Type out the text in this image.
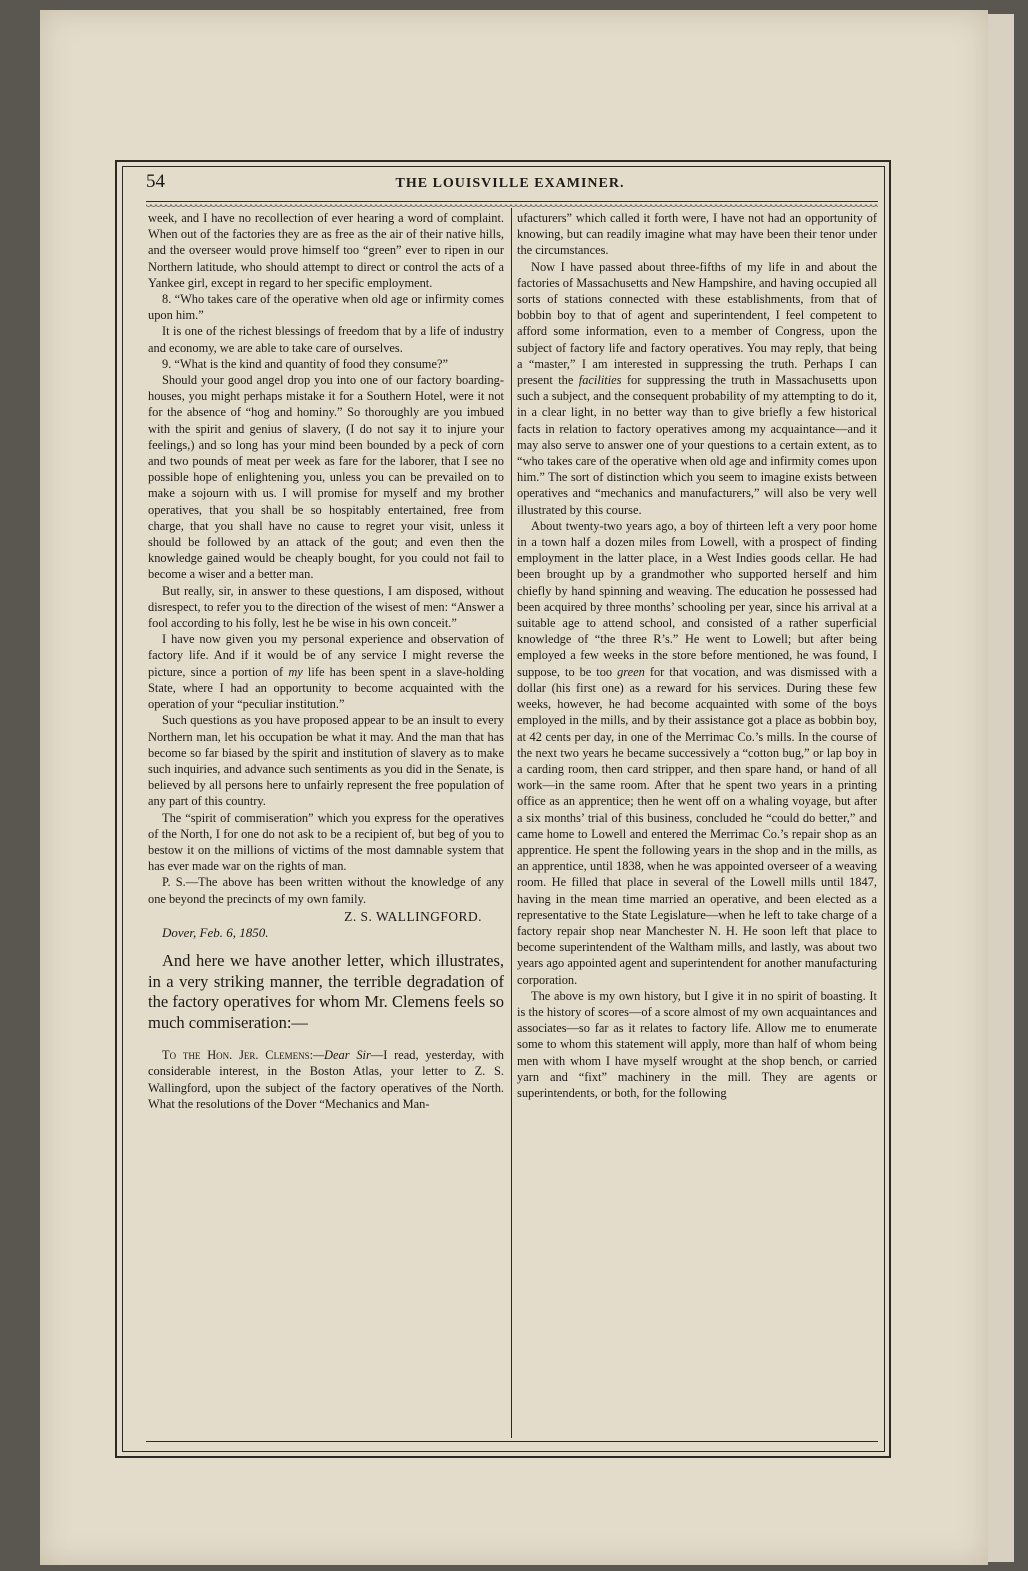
54	THE LOUISVILLE EXAMINER.

week, and I have no recollection of ever hearing a word of complaint. When out of the factories they are as free as the air of their native hills, and the overseer would prove himself too “green” ever to ripen in our Northern latitude, who should attempt to direct or control the acts of a Yankee girl, except in regard to her specific employment.

8. “Who takes care of the operative when old age or infirmity comes upon him.”

It is one of the richest blessings of freedom that by a life of industry and economy, we are able to take care of ourselves.

9. “What is the kind and quantity of food they consume?”

Should your good angel drop you into one of our factory boarding-houses, you might perhaps mistake it for a Southern Hotel, were it not for the absence of “hog and hominy.” So thoroughly are you imbued with the spirit and genius of slavery, (I do not say it to injure your feelings,) and so long has your mind been bounded by a peck of corn and two pounds of meat per week as fare for the laborer, that I see no possible hope of enlightening you, unless you can be prevailed on to make a sojourn with us. I will promise for myself and my brother operatives, that you shall be so hospitably entertained, free from charge, that you shall have no cause to regret your visit, unless it should be followed by an attack of the gout; and even then the knowledge gained would be cheaply bought, for you could not fail to become a wiser and a better man.

But really, sir, in answer to these questions, I am disposed, without disrespect, to refer you to the direction of the wisest of men: “Answer a fool according to his folly, lest he be wise in his own conceit.”

I have now given you my personal experience and observation of factory life. And if it would be of any service I might reverse the picture, since a portion of my life has been spent in a slave-holding State, where I had an opportunity to become acquainted with the operation of your “peculiar institution.”

Such questions as you have proposed appear to be an insult to every Northern man, let his occupation be what it may. And the man that has become so far biased by the spirit and institution of slavery as to make such inquiries, and advance such sentiments as you did in the Senate, is believed by all persons here to unfairly represent the free population of any part of this country.

The “spirit of commiseration” which you express for the operatives of the North, I for one do not ask to be a recipient of, but beg of you to bestow it on the millions of victims of the most damnable system that has ever made war on the rights of man.

P. S.—The above has been written without the knowledge of any one beyond the precincts of my own family.

Z. S. WALLINGFORD.

Dover, Feb. 6, 1850.

And here we have another letter, which illustrates, in a very striking manner, the terrible degradation of the factory operatives for whom Mr. Clemens feels so much commiseration:—

To the Hon. Jer. Clemens:—Dear Sir—I read, yesterday, with considerable interest, in the Boston Atlas, your letter to Z. S. Wallingford, upon the subject of the factory operatives of the North. What the resolutions of the Dover “Mechanics and Man-

ufacturers” which called it forth were, I have not had an opportunity of knowing, but can readily imagine what may have been their tenor under the circumstances.

Now I have passed about three-fifths of my life in and about the factories of Massachusetts and New Hampshire, and having occupied all sorts of stations connected with these establishments, from that of bobbin boy to that of agent and superintendent, I feel competent to afford some information, even to a member of Congress, upon the subject of factory life and factory operatives. You may reply, that being a “master,” I am interested in suppressing the truth. Perhaps I can present the facilities for suppressing the truth in Massachusetts upon such a subject, and the consequent probability of my attempting to do it, in a clear light, in no better way than to give briefly a few historical facts in relation to factory operatives among my acquaintance—and it may also serve to answer one of your questions to a certain extent, as to “who takes care of the operative when old age and infirmity comes upon him.” The sort of distinction which you seem to imagine exists between operatives and “mechanics and manufacturers,” will also be very well illustrated by this course.

About twenty-two years ago, a boy of thirteen left a very poor home in a town half a dozen miles from Lowell, with a prospect of finding employment in the latter place, in a West Indies goods cellar. He had been brought up by a grandmother who supported herself and him chiefly by hand spinning and weaving. The education he possessed had been acquired by three months’ schooling per year, since his arrival at a suitable age to attend school, and consisted of a rather superficial knowledge of “the three R’s.” He went to Lowell; but after being employed a few weeks in the store before mentioned, he was found, I suppose, to be too green for that vocation, and was dismissed with a dollar (his first one) as a reward for his services. During these few weeks, however, he had become acquainted with some of the boys employed in the mills, and by their assistance got a place as bobbin boy, at 42 cents per day, in one of the Merrimac Co.’s mills. In the course of the next two years he became successively a “cotton bug,” or lap boy in a carding room, then card stripper, and then spare hand, or hand of all work—in the same room. After that he spent two years in a printing office as an apprentice; then he went off on a whaling voyage, but after a six months’ trial of this business, concluded he “could do better,” and came home to Lowell and entered the Merrimac Co.’s repair shop as an apprentice. He spent the following years in the shop and in the mills, as an apprentice, until 1838, when he was appointed overseer of a weaving room. He filled that place in several of the Lowell mills until 1847, having in the mean time married an operative, and been elected as a representative to the State Legislature—when he left to take charge of a factory repair shop near Manchester N. H. He soon left that place to become superintendent of the Waltham mills, and lastly, was about two years ago appointed agent and superintendent for another manufacturing corporation.

The above is my own history, but I give it in no spirit of boasting. It is the history of scores—of a score almost of my own acquaintances and associates—so far as it relates to factory life. Allow me to enumerate some to whom this statement will apply, more than half of whom being men with whom I have myself wrought at the shop bench, or carried yarn and “fixt” machinery in the mill. They are agents or superintendents, or both, for the following
